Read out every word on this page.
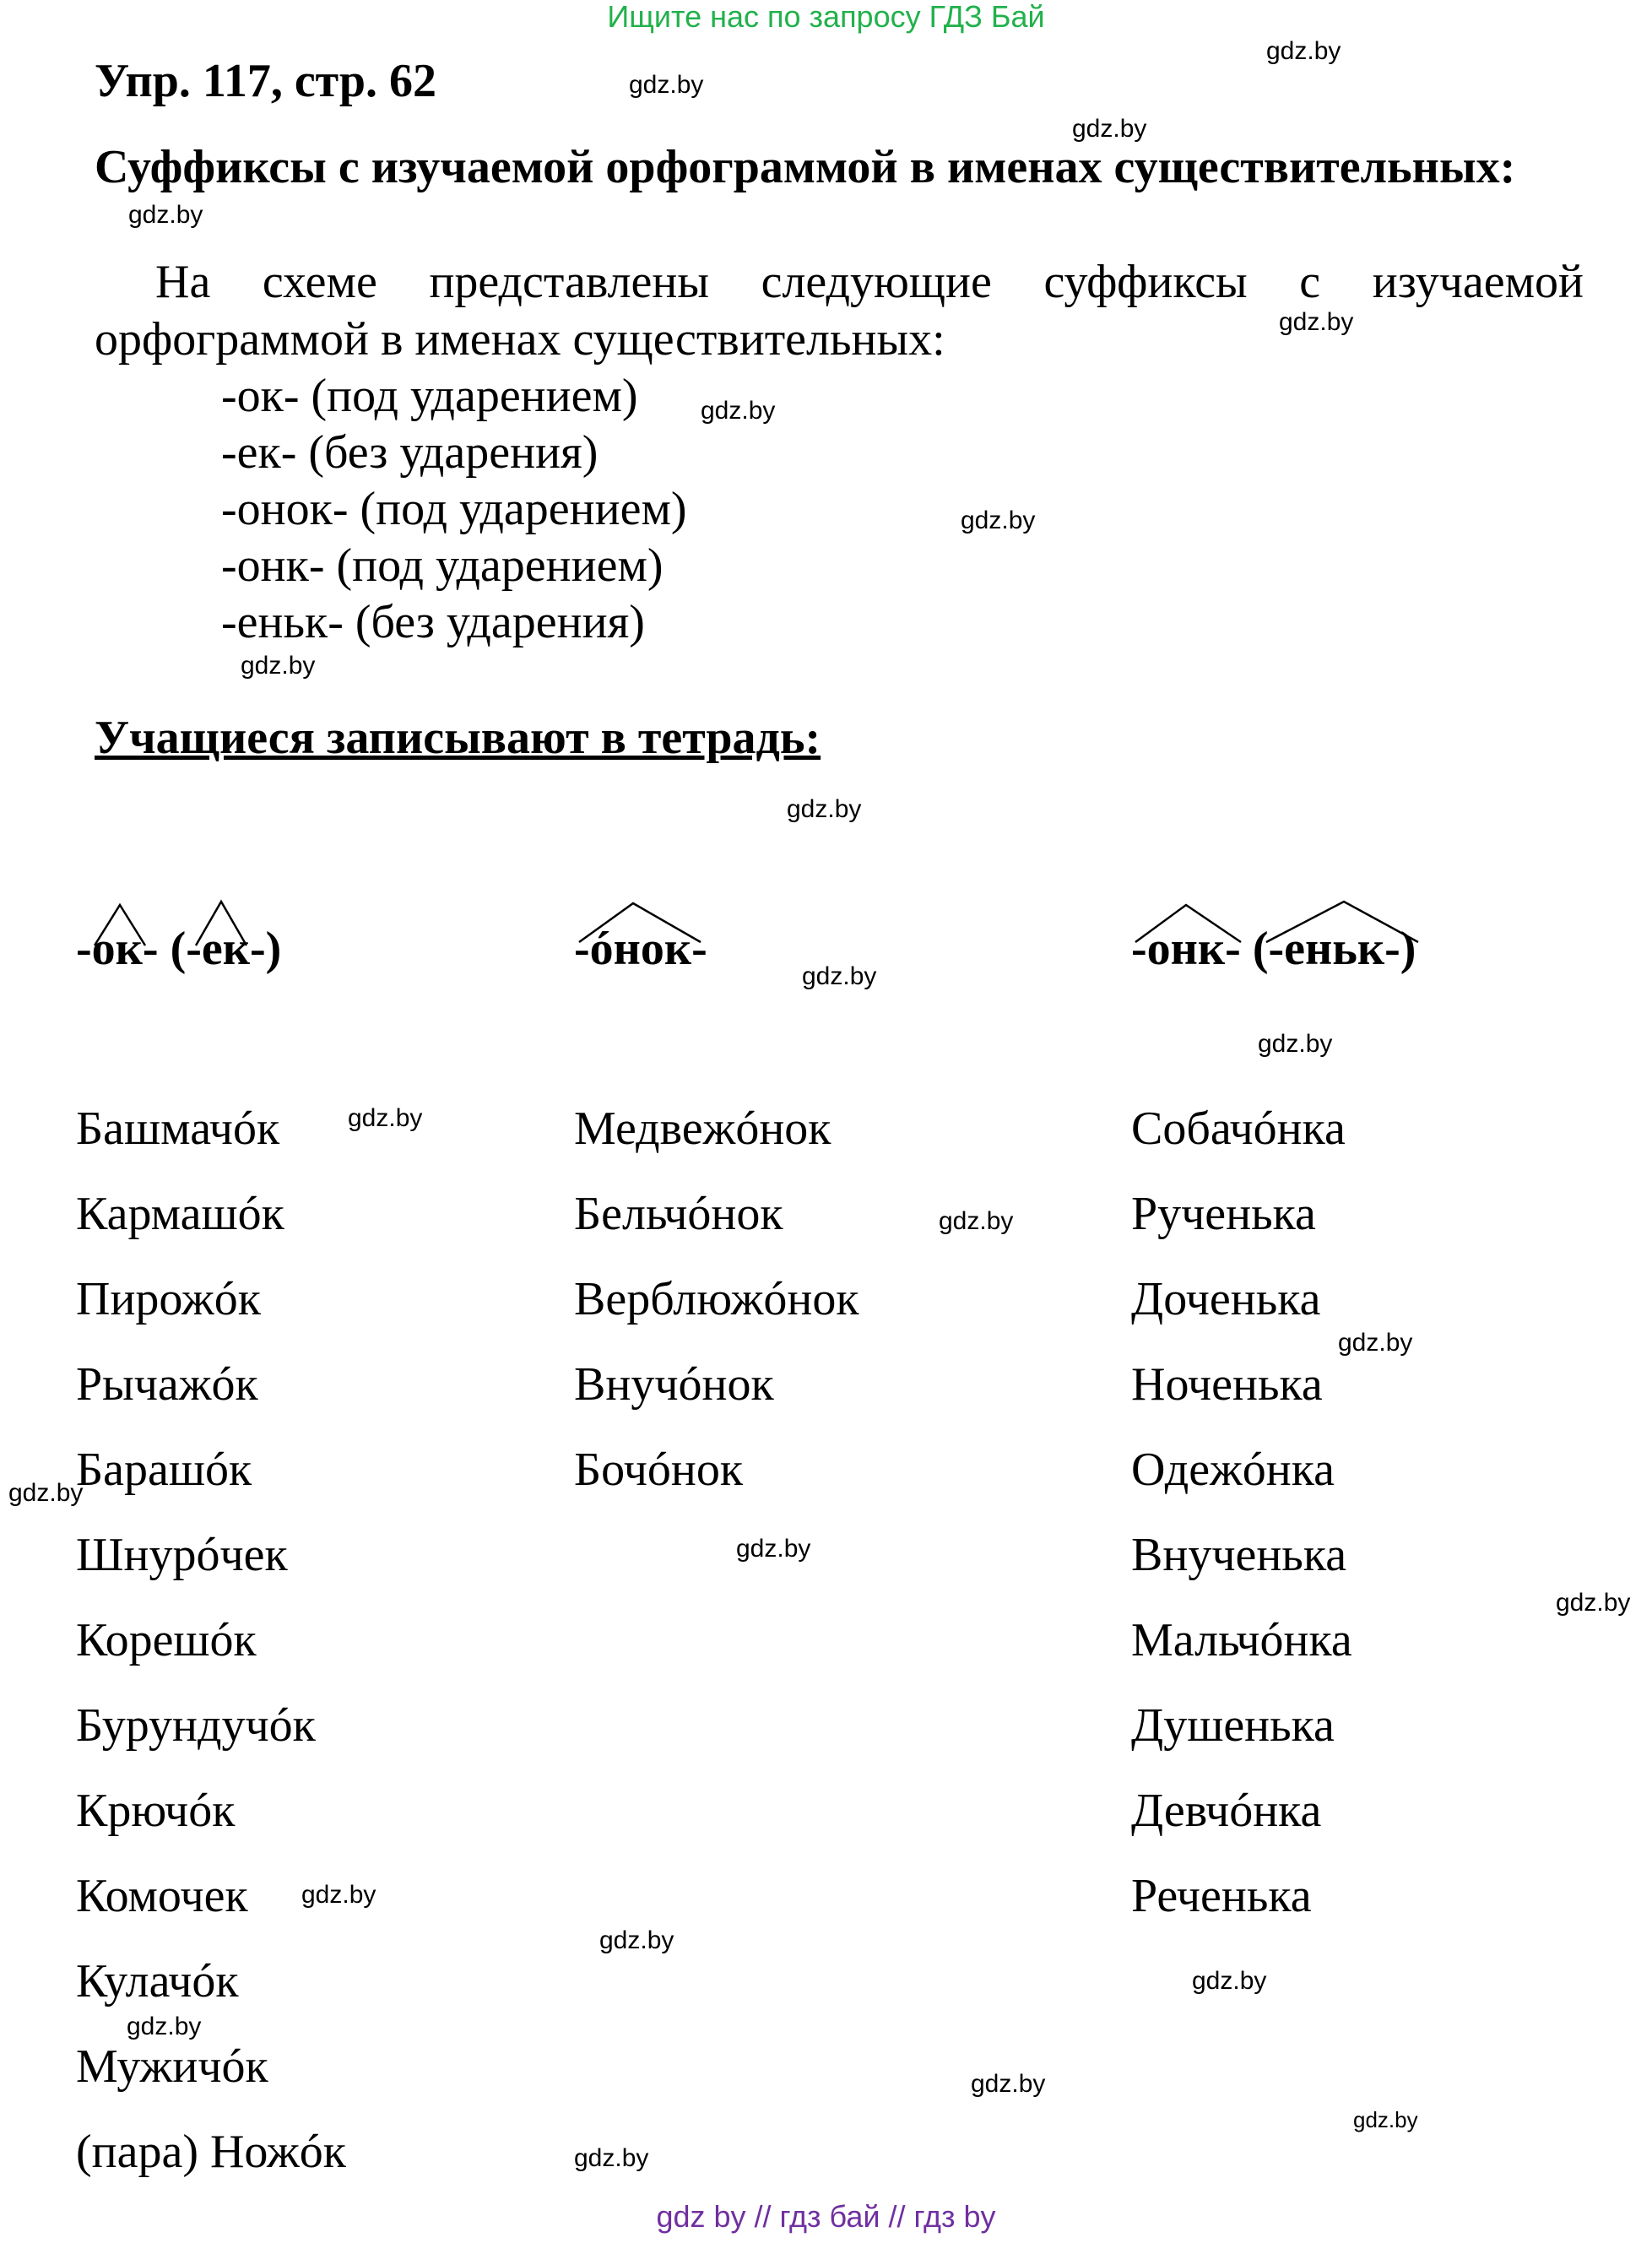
Ищите нас по запросу ГДЗ Бай
Упр. 117, стр. 62
Суффиксы с изучаемой орфограммой в именах существительных:
На схеме представлены следующие суффиксы с изучаемой орфограммой в именах существительных:
-ок- (под ударением)
-ек- (без ударения)
-онок- (под ударением)
-онк- (под ударением)
-еньк- (без ударения)
Учащиеся записывают в тетрадь:
-ок- (-ек-)	-óнок-	-онк- (-еньк-)
Башмачóк
Кармашóк
Пирожóк
Рычажóк
Барашóк
Шнурóчек
Корешóк
Бурундучóк
Крючóк
Комочек
Кулачóк
Мужичóк
(пара) Ножóк
Медвежóнок
Бельчóнок
Верблюжóнок
Внучóнок
Бочóнок
Собачóнка
Рученька
Доченька
Ноченька
Одежóнка
Внученька
Мальчóнка
Душенька
Девчóнка
Реченька
gdz.by
gdz.by
gdz.by
gdz.by
gdz.by
gdz.by
gdz.by
gdz.by
gdz.by
gdz.by
gdz.by
gdz.by
gdz.by
gdz.by
gdz.by
gdz.by
gdz.by
gdz.by
gdz.by
gdz.by
gdz.by
gdz.by
gdz.by
gdz.by
gdz by // гдз бай // гдз by
